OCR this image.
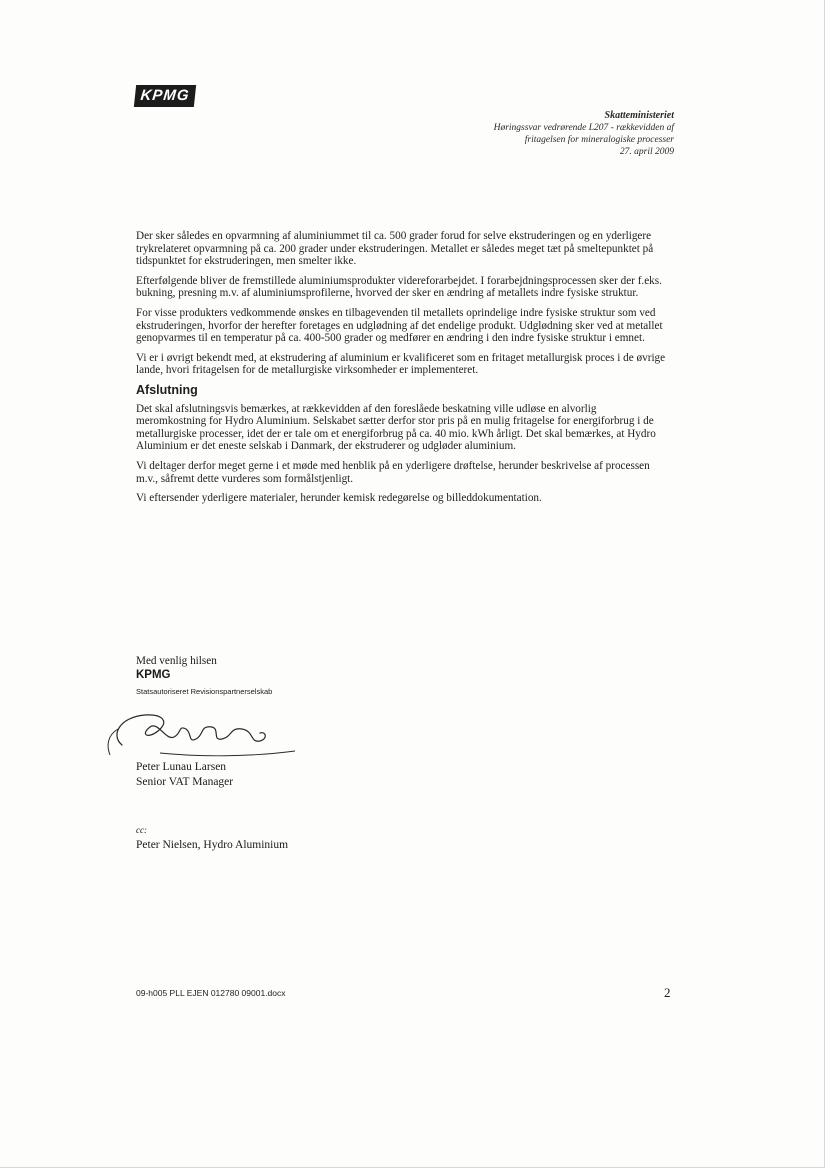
KPMG
Skatteministeriet
Høringssvar vedrørende L207 - rækkevidden af
fritagelsen for mineralogiske processer
27. april 2009

Der sker således en opvarmning af aluminiummet til ca. 500 grader forud for selve ekstruderingen og en yderligere trykrelateret opvarmning på ca. 200 grader under ekstruderingen. Metallet er således meget tæt på smeltepunktet på tidspunktet for ekstruderingen, men smelter ikke.

Efterfølgende bliver de fremstillede aluminiumsprodukter videreforarbejdet. I forarbejdningsprocessen sker der f.eks. bukning, presning m.v. af aluminiumsprofilerne, hvorved der sker en ændring af metallets indre fysiske struktur.

For visse produkters vedkommende ønskes en tilbagevenden til metallets oprindelige indre fysiske struktur som ved ekstruderingen, hvorfor der herefter foretages en udglødning af det endelige produkt. Udglødning sker ved at metallet genopvarmes til en temperatur på ca. 400-500 grader og medfører en ændring i den indre fysiske struktur i emnet.

Vi er i øvrigt bekendt med, at ekstrudering af aluminium er kvalificeret som en fritaget metallurgisk proces i de øvrige lande, hvori fritagelsen for de metallurgiske virksomheder er implementeret.

Afslutning

Det skal afslutningsvis bemærkes, at rækkevidden af den foreslåede beskatning ville udløse en alvorlig meromkostning for Hydro Aluminium. Selskabet sætter derfor stor pris på en mulig fritagelse for energiforbrug i de metallurgiske processer, idet der er tale om et energiforbrug på ca. 40 mio. kWh årligt. Det skal bemærkes, at Hydro Aluminium er det eneste selskab i Danmark, der ekstruderer og udgløder aluminium.

Vi deltager derfor meget gerne i et møde med henblik på en yderligere drøftelse, herunder beskrivelse af processen m.v., såfremt dette vurderes som formålstjenligt.

Vi eftersender yderligere materialer, herunder kemisk redegørelse og billeddokumentation.

Med venlig hilsen
KPMG
Statsautoriseret Revisionspartnerselskab
Peter Lunau Larsen
Senior VAT Manager
cc:
Peter Nielsen, Hydro Aluminium
09-h005 PLL EJEN 012780 09001.docx	2
